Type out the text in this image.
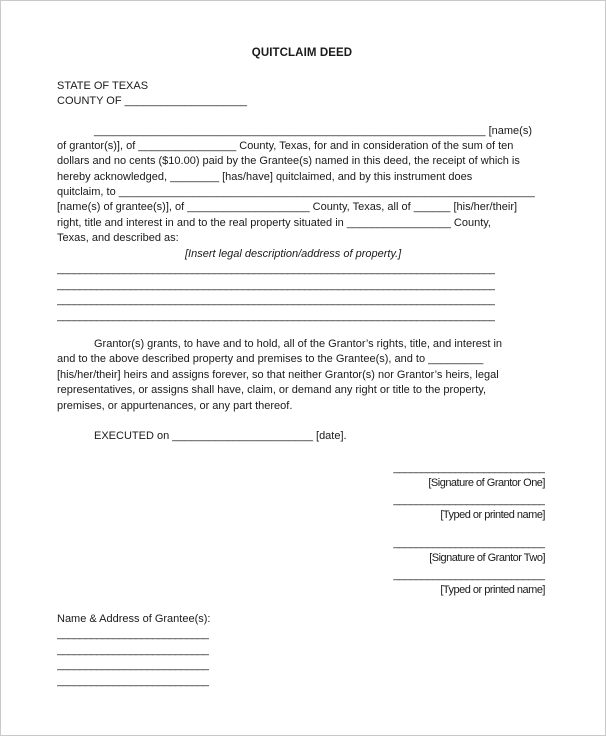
QUITCLAIM DEED
STATE OF TEXAS
COUNTY OF ____________________
________________________________________________________________ [name(s)
of grantor(s)], of ________________ County, Texas, for and in consideration of the sum of ten
dollars and no cents ($10.00) paid by the Grantee(s) named in this deed, the receipt of which is
hereby acknowledged, ________ [has/have] quitclaimed, and by this instrument does
quitclaim, to ____________________________________________________________________
[name(s) of grantee(s)], of ____________________ County, Texas, all of ______ [his/her/their]
right, title and interest in and to the real property situated in _________________ County,
Texas, and described as:
[Insert legal description/address of property.]
______________________________________________________________________________
______________________________________________________________________________
______________________________________________________________________________
______________________________________________________________________________
Grantor(s) grants, to have and to hold, all of the Grantor’s rights, title, and interest in
and to the above described property and premises to the Grantee(s), and to _________
[his/her/their] heirs and assigns forever, so that neither Grantor(s) nor Grantor’s heirs, legal
representatives, or assigns shall have, claim, or demand any right or title to the property,
premises, or appurtenances, or any part thereof.
EXECUTED on _______________________ [date].
___________________________
[Signature of Grantor One]
___________________________
[Typed or printed name]
___________________________
[Signature of Grantor Two]
___________________________
[Typed or printed name]
Name & Address of Grantee(s):
___________________________
___________________________
___________________________
___________________________
